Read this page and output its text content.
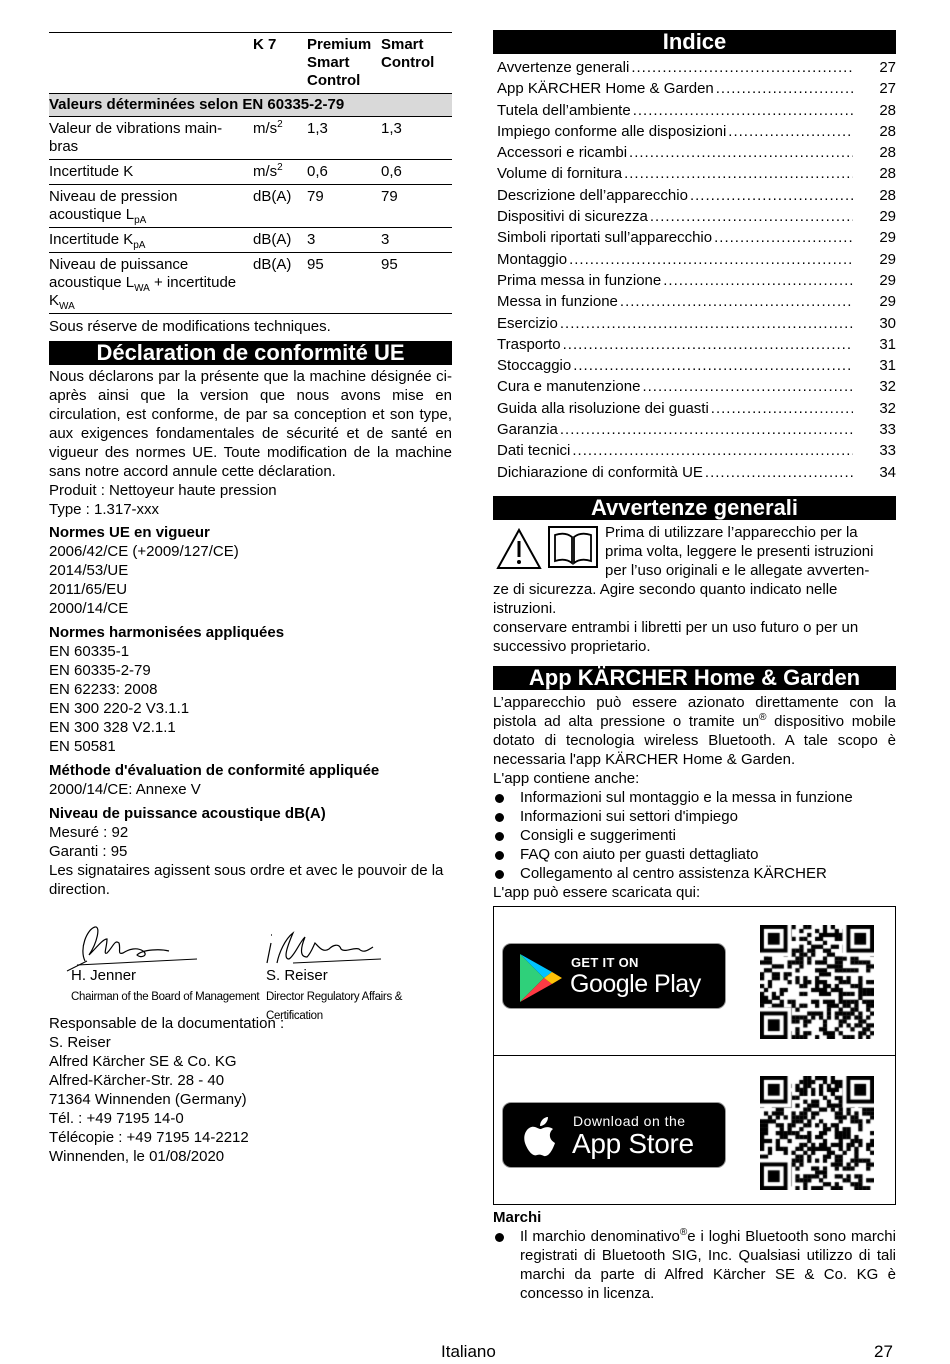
	K 7	Premium Smart Control	Smart Control
Valeurs déterminées selon EN 60335-2-79			
Valeur de vibrations main-bras	$m/s^2$	1,3	1,3
Incertitude K	$m/s^2$	0,6	0,6
Niveau de pression acoustique $L_{pA}$	dB(A)	79	79
Incertitude $K_{pA}$	dB(A)	3	3
Niveau de puissance acoustique $L_{WA}$ + incertitude $K_{WA}$	dB(A)	95	95
Sous réserve de modifications techniques.
Déclaration de conformité UE

Nous déclarons par la présente que la machine désignée ci-après ainsi que la version que nous avons mise en circulation, est conforme, de par sa conception et son type, aux exigences fondamentales de sécurité et de santé en vigueur des normes UE. Toute modification de la machine sans notre accord annule cette déclaration.

Produit : Nettoyeur haute pression

Type : 1.317-xxx

Normes UE en vigueur

2006/42/CE (+2009/127/CE)

2014/53/UE

2011/65/EU

2000/14/CE

Normes harmonisées appliquées

EN 60335-1

EN 60335-2-79

EN 62233: 2008

EN 300 220-2 V3.1.1

EN 300 328 V2.1.1

EN 50581

Méthode d'évaluation de conformité appliquée

2000/14/CE: Annexe V

Niveau de puissance acoustique dB(A)

Mesuré : 92

Garanti : 95

Les signataires agissent sous ordre et avec le pouvoir de la direction.

H. Jenner
Chairman of the Board of Management
S. Reiser
Director Regulatory Affairs & Certification

Responsable de la documentation :

S. Reiser

Alfred Kärcher SE & Co. KG

Alfred-Kärcher-Str. 28 - 40

71364 Winnenden (Germany)

Tél. : +49 7195 14-0

Télécopie : +49 7195 14-2212

Winnenden, le 01/08/2020

Indice
Avvertenze generali .....	27
App KÄRCHER Home & Garden .....	27
Tutela dell’ambiente .....	28
Impiego conforme alle disposizioni .....	28
Accessori e ricambi .....	28
Volume di fornitura .....	28
Descrizione dell’apparecchio .....	28
Dispositivi di sicurezza .....	29
Simboli riportati sull’apparecchio .....	29
Montaggio .....	29
Prima messa in funzione .....	29
Messa in funzione .....	29
Esercizio .....	30
Trasporto .....	31
Stoccaggio .....	31
Cura e manutenzione .....	32
Guida alla risoluzione dei guasti .....	32
Garanzia .....	33
Dati tecnici .....	33
Dichiarazione di conformità UE .....	34
Avvertenze generali

Prima di utilizzare l’apparecchio per la prima volta, leggere le presenti istruzioni per l’uso originali e le allegate avverten-

ze di sicurezza. Agire secondo quanto indicato nelle istruzioni.

conservare entrambi i libretti per un uso futuro o per un successivo proprietario.

App KÄRCHER Home & Garden

L’apparecchio può essere azionato direttamente con la pistola ad alta pressione o tramite un® dispositivo mobile dotato di tecnologia wireless Bluetooth. A tale scopo è necessaria l'app KÄRCHER Home & Garden.

L'app contiene anche:

Informazioni sul montaggio e la messa in funzione
Informazioni sui settori d'impiego
Consigli e suggerimenti
FAQ con aiuto per guasti dettagliato
Collegamento al centro assistenza KÄRCHER

L'app può essere scaricata qui:

GET IT ON
Google Play
Download on the
App Store

Marchi

Il marchio denominativo®e i loghi Bluetooth sono marchi registrati di Bluetooth SIG, Inc. Qualsiasi utilizzo di tali marchi da parte di Alfred Kärcher SE & Co. KG è concesso in licenza.
Italiano	27
